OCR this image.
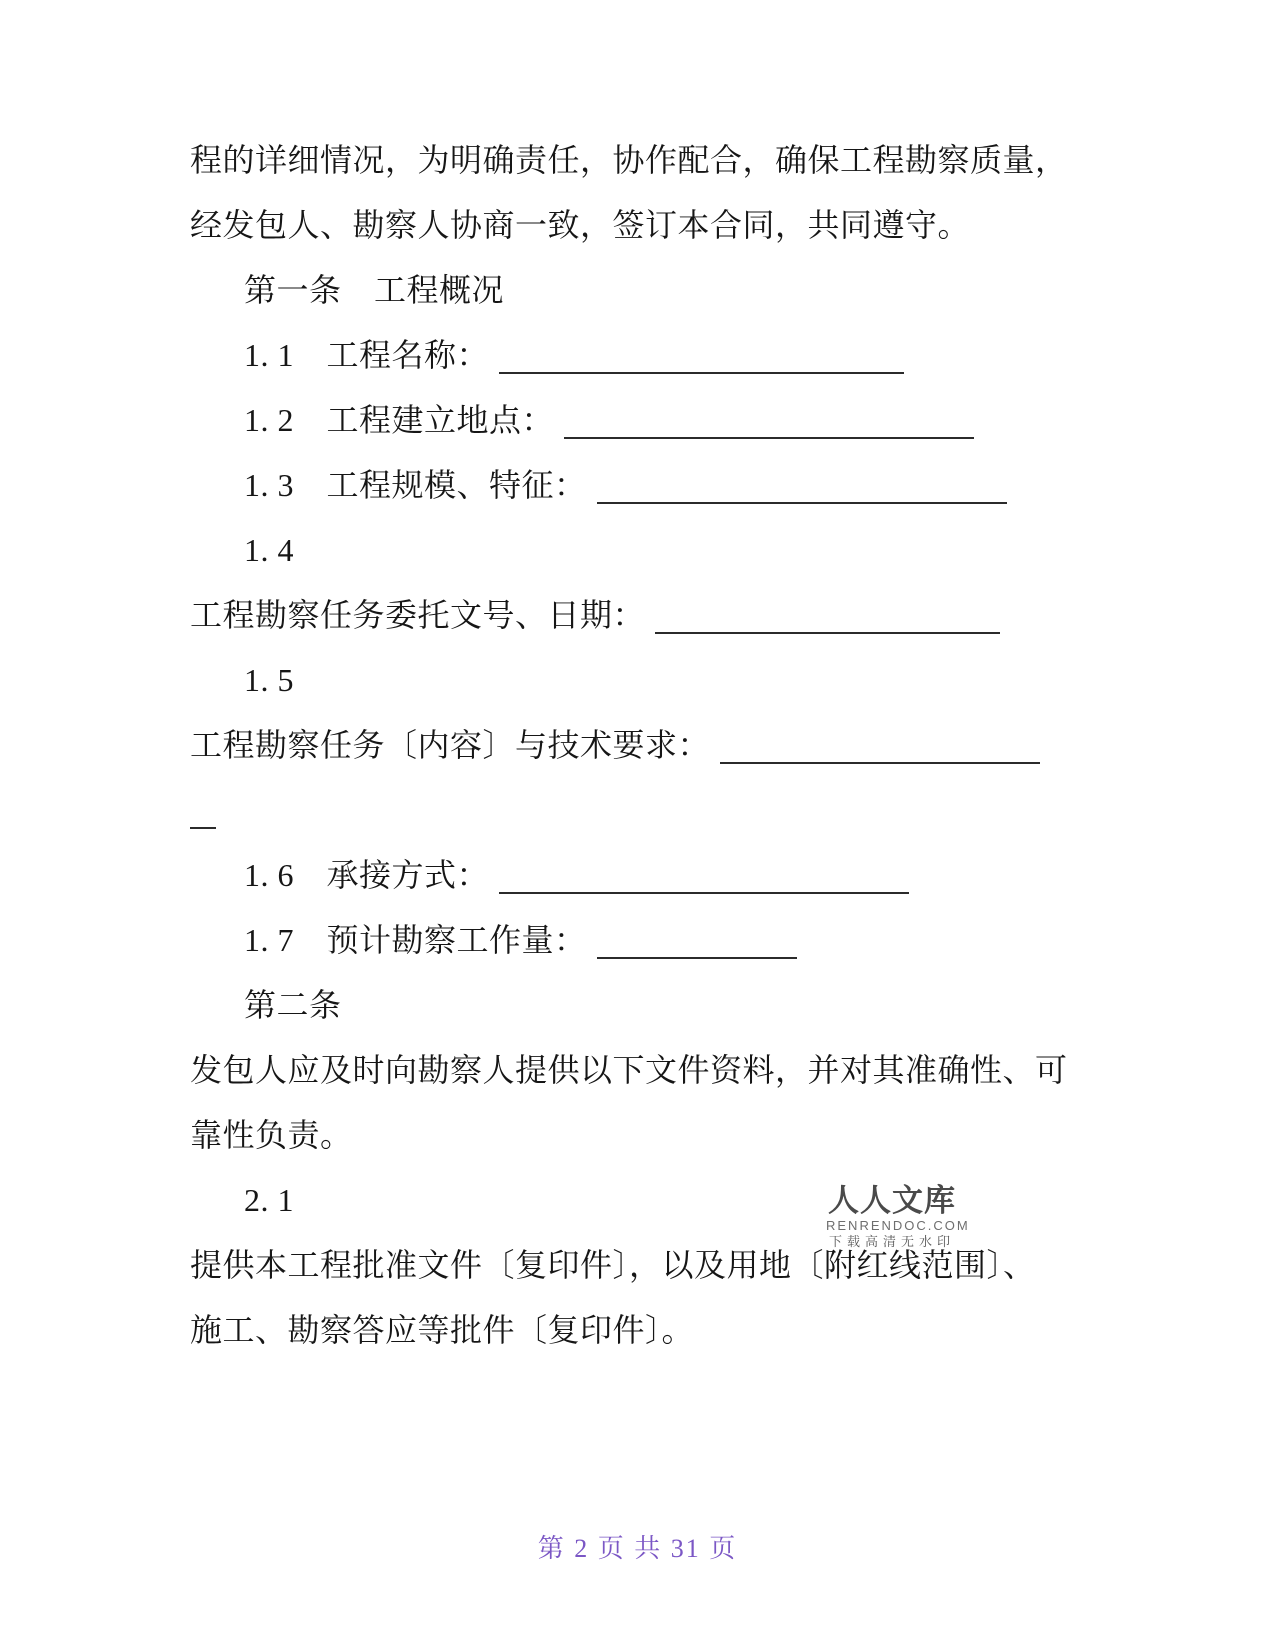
程的详细情况，为明确责任，协作配合，确保工程勘察质量，

经发包人、勘察人协商一致，签订本合同，共同遵守。

第一条　工程概况

1. 1　工程名称：

1. 2　工程建立地点：

1. 3　工程规模、特征：

1. 4

工程勘察任务委托文号、日期：

1. 5

工程勘察任务〔内容〕与技术要求：

1. 6　承接方式：

1. 7　预计勘察工作量：

第二条

发包人应及时向勘察人提供以下文件资料，并对其准确性、可

靠性负责。

2. 1

提供本工程批准文件〔复印件〕，以及用地〔附红线范围〕、

施工、勘察答应等批件〔复印件〕。

人人文库
RENRENDOC.COM
下载高清无水印
第 2 页 共 31 页
